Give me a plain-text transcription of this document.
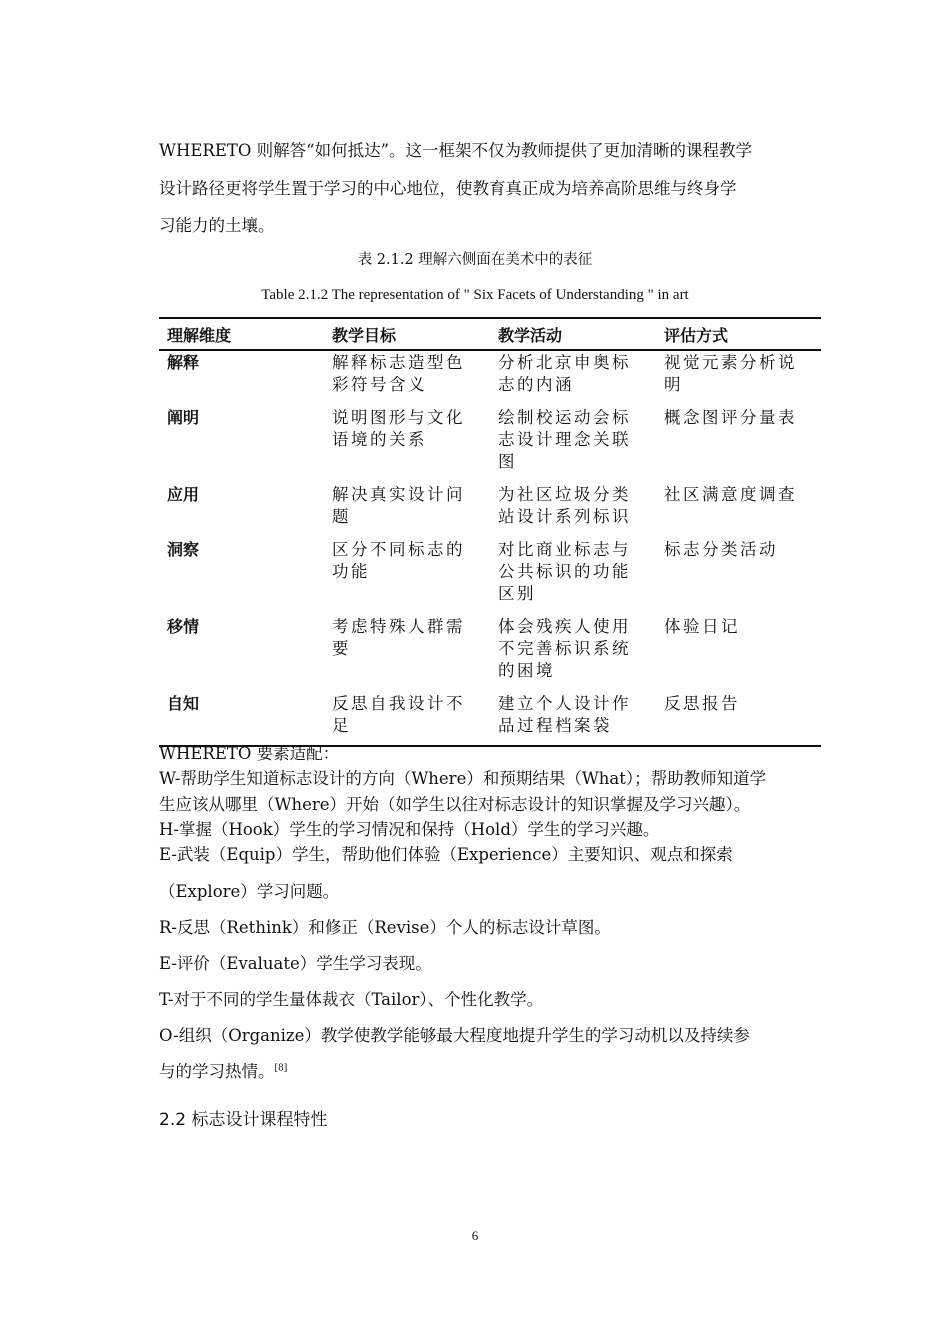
WHERETO 则解答“如何抵达”。这一框架不仅为教师提供了更加清晰的课程教学
设计路径更将学生置于学习的中心地位，使教育真正成为培养高阶思维与终身学
习能力的土壤。
表 2.1.2 理解六侧面在美术中的表征
Table 2.1.2 The representation of " Six Facets of Understanding " in art
理解维度	教学目标	教学活动	评估方式
解释	解释标志造型色彩符号含义	分析北京申奥标志的内涵	视觉元素分析说明
阐明	说明图形与文化语境的关系	绘制校运动会标志设计理念关联图	概念图评分量表
应用	解决真实设计问题	为社区垃圾分类站设计系列标识	社区满意度调查
洞察	区分不同标志的功能	对比商业标志与公共标识的功能区别	标志分类活动
移情	考虑特殊人群需要	体会残疾人使用不完善标识系统的困境	体验日记
自知	反思自我设计不足	建立个人设计作品过程档案袋	反思报告
WHERETO 要素适配：
W-帮助学生知道标志设计的方向（Where）和预期结果（What）；帮助教师知道学
生应该从哪里（Where）开始（如学生以往对标志设计的知识掌握及学习兴趣）。
H-掌握（Hook）学生的学习情况和保持（Hold）学生的学习兴趣。
E-武装（Equip）学生，帮助他们体验（Experience）主要知识、观点和探索
（Explore）学习问题。
R-反思（Rethink）和修正（Revise）个人的标志设计草图。
E-评价（Evaluate）学生学习表现。
T-对于不同的学生量体裁衣（Tailor）、个性化教学。
O-组织（Organize）教学使教学能够最大程度地提升学生的学习动机以及持续参
与的学习热情。[8]
2.2 标志设计课程特性
6
